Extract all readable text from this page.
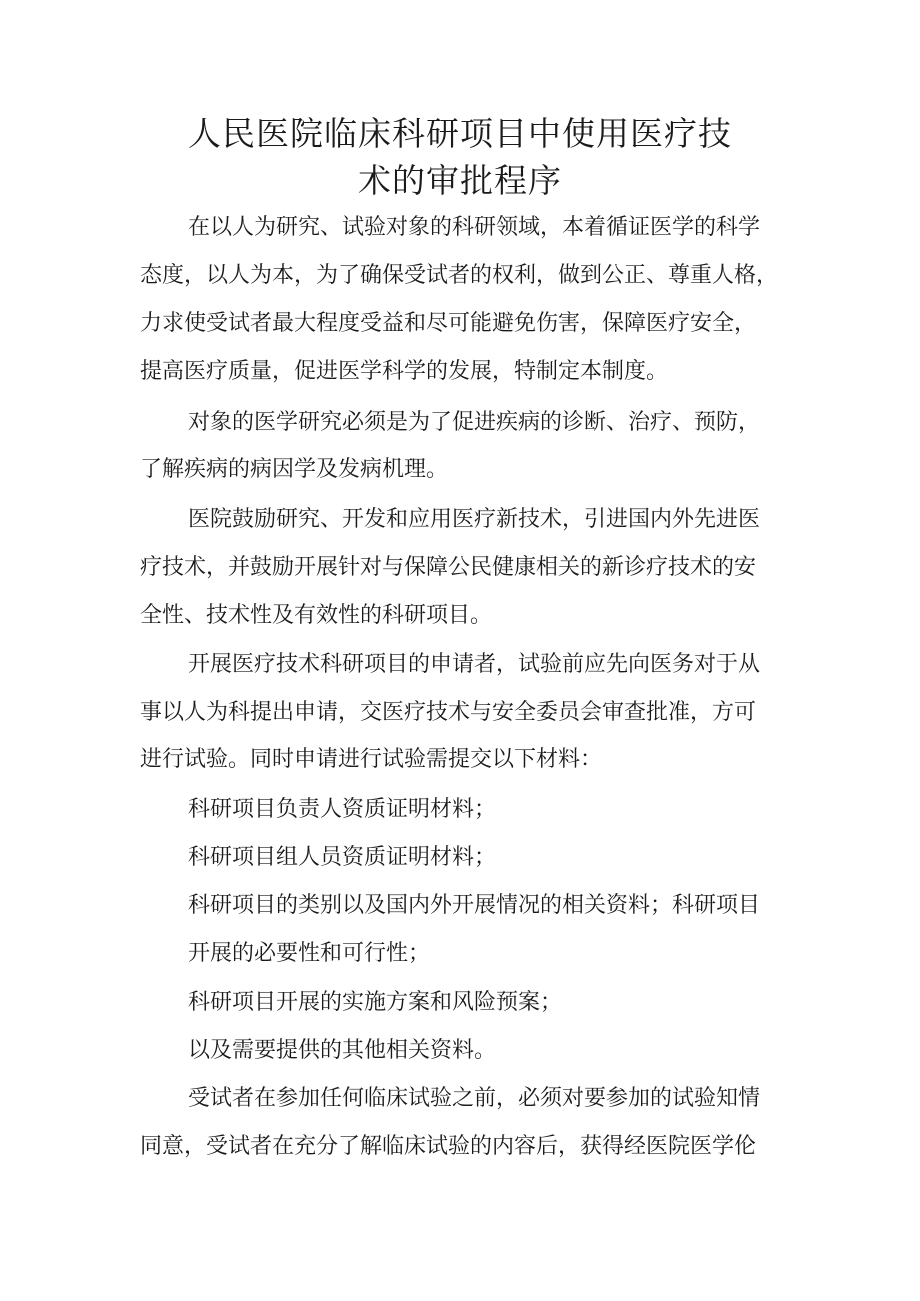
人民医院临床科研项目中使用医疗技
术的审批程序

在以人为研究、试验对象的科研领域，本着循证医学的科学

态度，以人为本，为了确保受试者的权利，做到公正、尊重人格，

力求使受试者最大程度受益和尽可能避免伤害，保障医疗安全，

提高医疗质量，促进医学科学的发展，特制定本制度。

对象的医学研究必须是为了促进疾病的诊断、治疗、预防，

了解疾病的病因学及发病机理。

医院鼓励研究、开发和应用医疗新技术，引进国内外先进医

疗技术，并鼓励开展针对与保障公民健康相关的新诊疗技术的安

全性、技术性及有效性的科研项目。

开展医疗技术科研项目的申请者，试验前应先向医务对于从

事以人为科提出申请，交医疗技术与安全委员会审查批准，方可

进行试验。同时申请进行试验需提交以下材料：

科研项目负责人资质证明材料；

科研项目组人员资质证明材料；

科研项目的类别以及国内外开展情况的相关资料；科研项目

开展的必要性和可行性；

科研项目开展的实施方案和风险预案；

以及需要提供的其他相关资料。

受试者在参加任何临床试验之前，必须对要参加的试验知情

同意，受试者在充分了解临床试验的内容后，获得经医院医学伦
